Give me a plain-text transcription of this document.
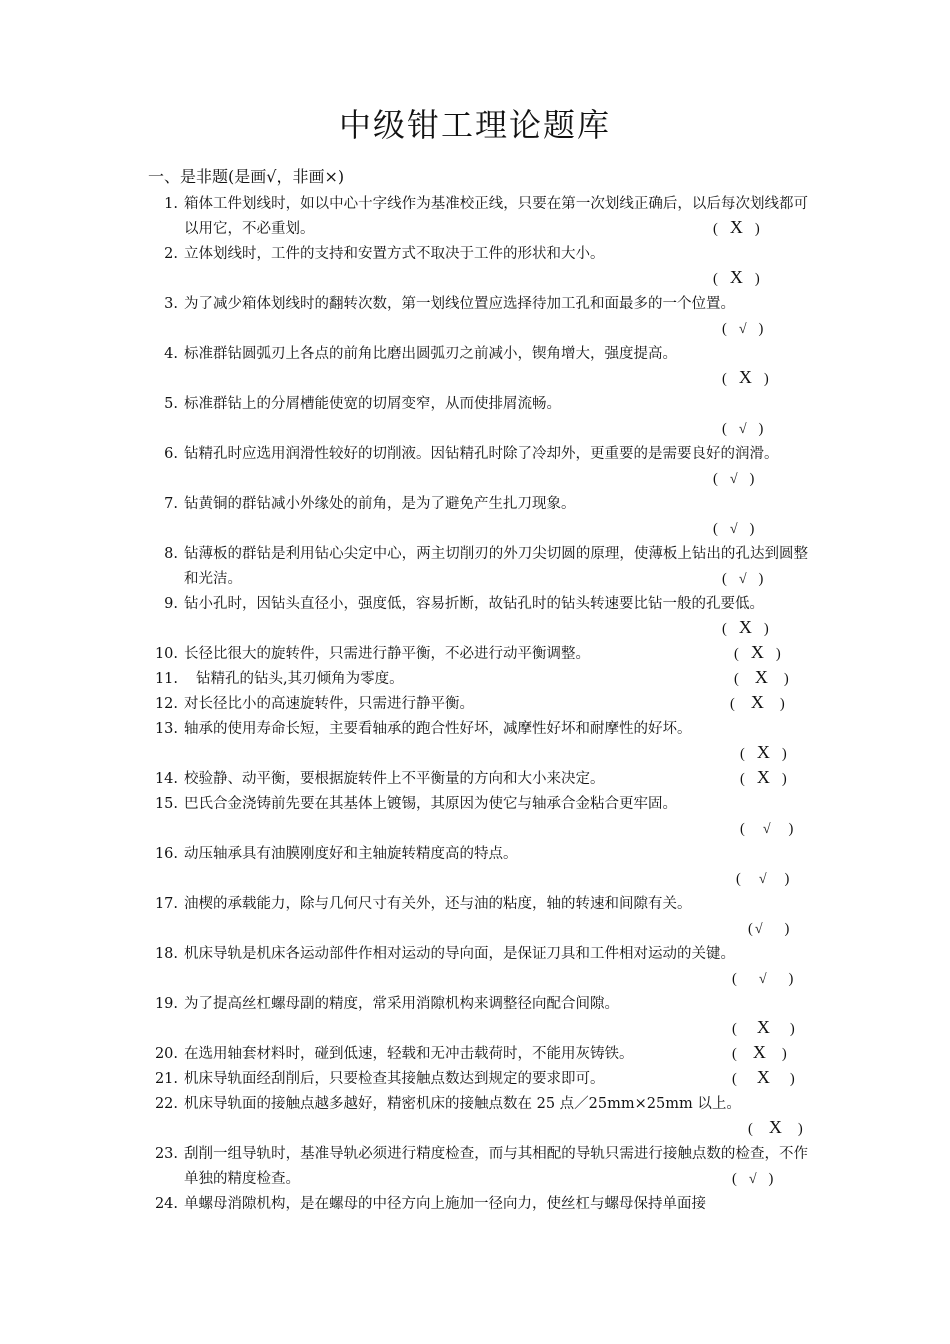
中级钳工理论题库
一、是非题(是画√，非画×)
1. 箱体工件划线时，如以中心十字线作为基准校正线，只要在第一次划线正确后，以后每次划线都可以用它，不必重划。	( X )
2. 立体划线时，工件的支持和安置方式不取决于工件的形状和大小。
( X )
3. 为了减少箱体划线时的翻转次数，第一划线位置应选择待加工孔和面最多的一个位置。
( √ )
4. 标准群钻圆弧刃上各点的前角比磨出圆弧刃之前减小，锲角增大，强度提高。
( X )
5. 标准群钻上的分屑槽能使宽的切屑变窄，从而使排屑流畅。
( √ )
6. 钻精孔时应选用润滑性较好的切削液。因钻精孔时除了冷却外，更重要的是需要良好的润滑。
( √ )
7. 钻黄铜的群钻减小外缘处的前角，是为了避免产生扎刀现象。
( √ )
8. 钻薄板的群钻是利用钻心尖定中心，两主切削刃的外刀尖切圆的原理，使薄板上钻出的孔达到圆整和光洁。	( √ )
9. 钻小孔时，因钻头直径小，强度低，容易折断，故钻孔时的钻头转速要比钻一般的孔要低。
( X )
10. 长径比很大的旋转件，只需进行静平衡，不必进行动平衡调整。	( X )
11. 钻精孔的钻头,其刃倾角为零度。	( X )
12. 对长径比小的高速旋转件，只需进行静平衡。	( X )
13. 轴承的使用寿命长短，主要看轴承的跑合性好坏，减摩性好坏和耐摩性的好坏。
( X )
14. 校验静、动平衡，要根据旋转件上不平衡量的方向和大小来决定。	( X )
15. 巴氏合金浇铸前先要在其基体上镀锡，其原因为使它与轴承合金粘合更牢固。
( √ )
16. 动压轴承具有油膜刚度好和主轴旋转精度高的特点。
( √ )
17. 油楔的承载能力，除与几何尺寸有关外，还与油的粘度，轴的转速和间隙有关。
( √ )
18. 机床导轨是机床各运动部件作相对运动的导向面，是保证刀具和工件相对运动的关键。
( √ )
19. 为了提高丝杠螺母副的精度，常采用消隙机构来调整径向配合间隙。
( X )
20. 在选用轴套材料时，碰到低速，轻载和无冲击载荷时，不能用灰铸铁。	( X )
21. 机床导轨面经刮削后，只要检查其接触点数达到规定的要求即可。	( X )
22. 机床导轨面的接触点越多越好，精密机床的接触点数在 25 点／25mm×25mm 以上。
( X )
23. 刮削一组导轨时，基准导轨必须进行精度检查，而与其相配的导轨只需进行接触点数的检查，不作单独的精度检查。	( √ )
24. 单螺母消隙机构，是在螺母的中径方向上施加一径向力，使丝杠与螺母保持单面接
